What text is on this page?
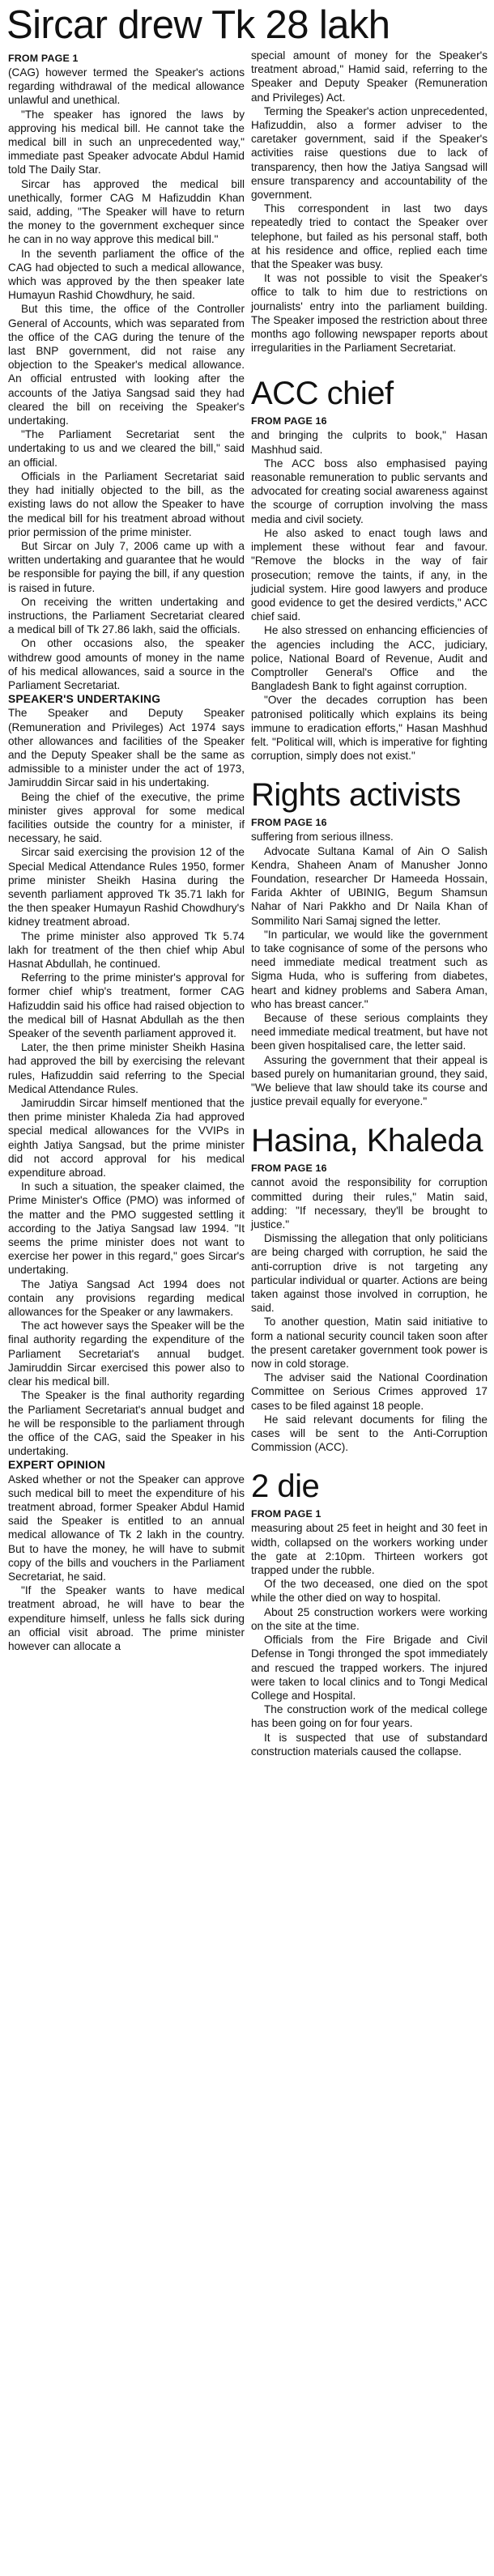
Sircar drew Tk 28 lakh

FROM PAGE 1

(CAG) however termed the Speaker's actions regarding withdrawal of the medical allowance unlawful and unethical.

"The speaker has ignored the laws by approving his medical bill. He cannot take the medical bill in such an unprecedented way," immediate past Speaker advocate Abdul Hamid told The Daily Star.

Sircar has approved the medical bill unethically, former CAG M Hafizuddin Khan said, adding, "The Speaker will have to return the money to the government exchequer since he can in no way approve this medical bill."

In the seventh parliament the office of the CAG had objected to such a medical allowance, which was approved by the then speaker late Humayun Rashid Chowdhury, he said.

But this time, the office of the Controller General of Accounts, which was separated from the office of the CAG during the tenure of the last BNP government, did not raise any objection to the Speaker's medical allowance. An official entrusted with looking after the accounts of the Jatiya Sangsad said they had cleared the bill on receiving the Speaker's undertaking.

"The Parliament Secretariat sent the undertaking to us and we cleared the bill," said an official.

Officials in the Parliament Secretariat said they had initially objected to the bill, as the existing laws do not allow the Speaker to have the medical bill for his treatment abroad without prior permission of the prime minister.

But Sircar on July 7, 2006 came up with a written undertaking and guarantee that he would be responsible for paying the bill, if any question is raised in future.

On receiving the written undertaking and instructions, the Parliament Secretariat cleared a medical bill of Tk 27.86 lakh, said the officials.

On other occasions also, the speaker withdrew good amounts of money in the name of his medical allowances, said a source in the Parliament Secretariat.

SPEAKER'S UNDERTAKING

The Speaker and Deputy Speaker (Remuneration and Privileges) Act 1974 says other allowances and facilities of the Speaker and the Deputy Speaker shall be the same as admissible to a minister under the act of 1973, Jamiruddin Sircar said in his undertaking.

Being the chief of the executive, the prime minister gives approval for some medical facilities outside the country for a minister, if necessary, he said.

Sircar said exercising the provision 12 of the Special Medical Attendance Rules 1950, former prime minister Sheikh Hasina during the seventh parliament approved Tk 35.71 lakh for the then speaker Humayun Rashid Chowdhury's kidney treatment abroad.

The prime minister also approved Tk 5.74 lakh for treatment of the then chief whip Abul Hasnat Abdullah, he continued.

Referring to the prime minister's approval for former chief whip's treatment, former CAG Hafizuddin said his office had raised objection to the medical bill of Hasnat Abdullah as the then Speaker of the seventh parliament approved it.

Later, the then prime minister Sheikh Hasina had approved the bill by exercising the relevant rules, Hafizuddin said referring to the Special Medical Attendance Rules.

Jamiruddin Sircar himself mentioned that the then prime minister Khaleda Zia had approved special medical allowances for the VVIPs in eighth Jatiya Sangsad, but the prime minister did not accord approval for his medical expenditure abroad.

In such a situation, the speaker claimed, the Prime Minister's Office (PMO) was informed of the matter and the PMO suggested settling it according to the Jatiya Sangsad law 1994. "It seems the prime minister does not want to exercise her power in this regard," goes Sircar's undertaking.

The Jatiya Sangsad Act 1994 does not contain any provisions regarding medical allowances for the Speaker or any lawmakers.

The act however says the Speaker will be the final authority regarding the expenditure of the Parliament Secretariat's annual budget. Jamiruddin Sircar exercised this power also to clear his medical bill.

The Speaker is the final authority regarding the Parliament Secretariat's annual budget and he will be responsible to the parliament through the office of the CAG, said the Speaker in his undertaking.

EXPERT OPINION

Asked whether or not the Speaker can approve such medical bill to meet the expenditure of his treatment abroad, former Speaker Abdul Hamid said the Speaker is entitled to an annual medical allowance of Tk 2 lakh in the country. But to have the money, he will have to submit copy of the bills and vouchers in the Parliament Secretariat, he said.

"If the Speaker wants to have medical treatment abroad, he will have to bear the expenditure himself, unless he falls sick during an official visit abroad. The prime minister however can allocate a

special amount of money for the Speaker's treatment abroad," Hamid said, referring to the Speaker and Deputy Speaker (Remuneration and Privileges) Act.

Terming the Speaker's action unprecedented, Hafizuddin, also a former adviser to the caretaker government, said if the Speaker's activities raise questions due to lack of transparency, then how the Jatiya Sangsad will ensure transparency and accountability of the government.

This correspondent in last two days repeatedly tried to contact the Speaker over telephone, but failed as his personal staff, both at his residence and office, replied each time that the Speaker was busy.

It was not possible to visit the Speaker's office to talk to him due to restrictions on journalists' entry into the parliament building. The Speaker imposed the restriction about three months ago following newspaper reports about irregularities in the Parliament Secretariat.

ACC chief

FROM PAGE 16

and bringing the culprits to book," Hasan Mashhud said.

The ACC boss also emphasised paying reasonable remuneration to public servants and advocated for creating social awareness against the scourge of corruption involving the mass media and civil society.

He also asked to enact tough laws and implement these without fear and favour. "Remove the blocks in the way of fair prosecution; remove the taints, if any, in the judicial system. Hire good lawyers and produce good evidence to get the desired verdicts," ACC chief said.

He also stressed on enhancing efficiencies of the agencies including the ACC, judiciary, police, National Board of Revenue, Audit and Comptroller General's Office and the Bangladesh Bank to fight against corruption.

"Over the decades corruption has been patronised politically which explains its being immune to eradication efforts," Hasan Mashhud felt. "Political will, which is imperative for fighting corruption, simply does not exist."

Rights activists

FROM PAGE 16

suffering from serious illness.

Advocate Sultana Kamal of Ain O Salish Kendra, Shaheen Anam of Manusher Jonno Foundation, researcher Dr Hameeda Hossain, Farida Akhter of UBINIG, Begum Shamsun Nahar of Nari Pakkho and Dr Naila Khan of Sommilito Nari Samaj signed the letter.

"In particular, we would like the government to take cognisance of some of the persons who need immediate medical treatment such as Sigma Huda, who is suffering from diabetes, heart and kidney problems and Sabera Aman, who has breast cancer."

Because of these serious complaints they need immediate medical treatment, but have not been given hospitalised care, the letter said.

Assuring the government that their appeal is based purely on humanitarian ground, they said, "We believe that law should take its course and justice prevail equally for everyone."

Hasina, Khaleda

FROM PAGE 16

cannot avoid the responsibility for corruption committed during their rules," Matin said, adding: "If necessary, they'll be brought to justice."

Dismissing the allegation that only politicians are being charged with corruption, he said the anti-corruption drive is not targeting any particular individual or quarter. Actions are being taken against those involved in corruption, he said.

To another question, Matin said initiative to form a national security council taken soon after the present caretaker government took power is now in cold storage.

The adviser said the National Coordination Committee on Serious Crimes approved 17 cases to be filed against 18 people.

He said relevant documents for filing the cases will be sent to the Anti-Corruption Commission (ACC).

2 die

FROM PAGE 1

measuring about 25 feet in height and 30 feet in width, collapsed on the workers working under the gate at 2:10pm. Thirteen workers got trapped under the rubble.

Of the two deceased, one died on the spot while the other died on way to hospital.

About 25 construction workers were working on the site at the time.

Officials from the Fire Brigade and Civil Defense in Tongi thronged the spot immediately and rescued the trapped workers. The injured were taken to local clinics and to Tongi Medical College and Hospital.

The construction work of the medical college has been going on for four years.

It is suspected that use of substandard construction materials caused the collapse.
